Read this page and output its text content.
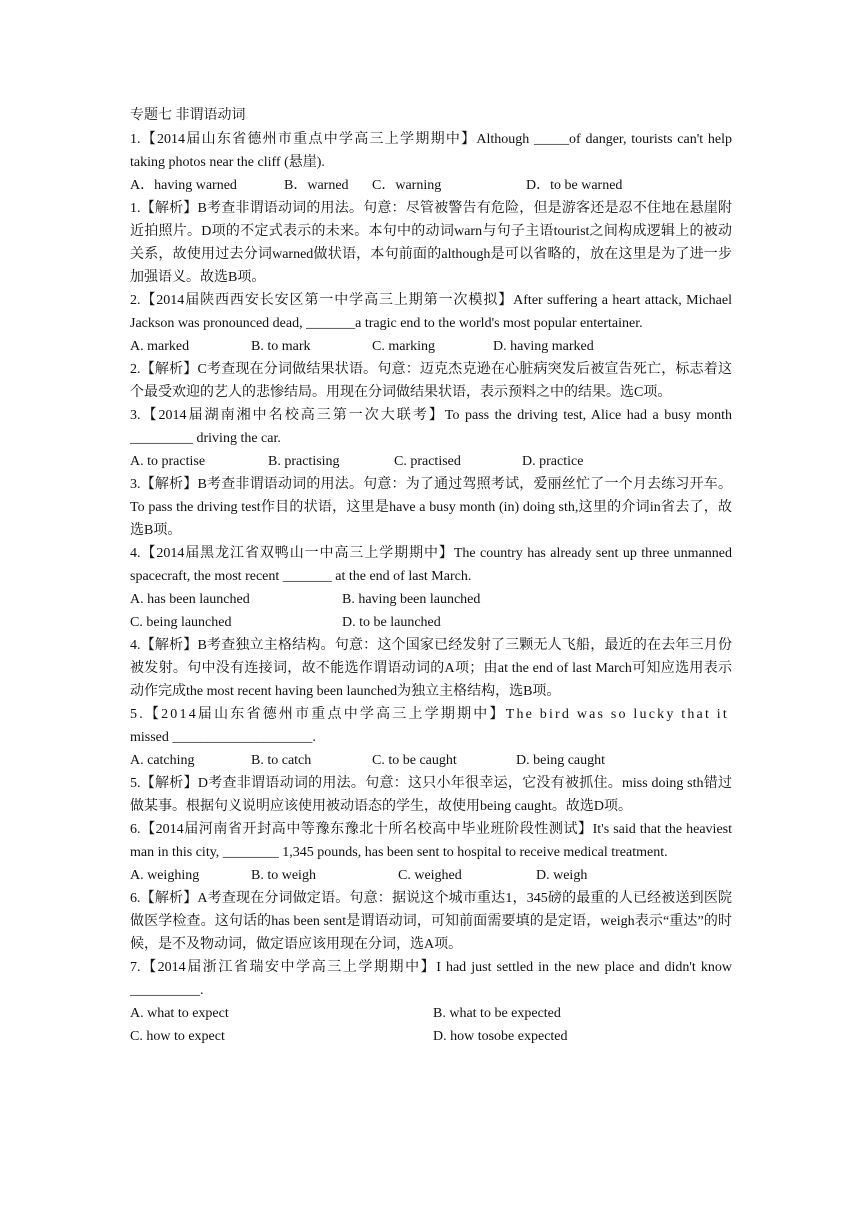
专题七 非谓语动词
1.【2014届山东省德州市重点中学高三上学期期中】Although _____of danger, tourists can't help taking photos near the cliff (悬崖).
A．having warned	B．warned	C．warning	D．to be warned
1.【解析】B考查非谓语动词的用法。句意：尽管被警告有危险，但是游客还是忍不住地在悬崖附近拍照片。D项的不定式表示的未来。本句中的动词warn与句子主语tourist之间构成逻辑上的被动关系，故使用过去分词warned做状语，本句前面的although是可以省略的，放在这里是为了进一步加强语义。故选B项。
2.【2014届陕西西安长安区第一中学高三上期第一次模拟】After suffering a heart attack, Michael Jackson was pronounced dead, _______a tragic end to the world's most popular entertainer.
A. marked	B. to mark	C. marking	D. having marked
2.【解析】C考查现在分词做结果状语。句意：迈克杰克逊在心脏病突发后被宣告死亡，标志着这个最受欢迎的艺人的悲惨结局。用现在分词做结果状语，表示预料之中的结果。选C项。
3.【2014届湖南湘中名校高三第一次大联考】To pass the driving test, Alice had a busy month _________ driving the car.
A. to practise	B. practising	C. practised	D. practice
3.【解析】B考查非谓语动词的用法。句意：为了通过驾照考试，爱丽丝忙了一个月去练习开车。To pass the driving test作目的状语，这里是have a busy month (in) doing sth,这里的介词in省去了，故选B项。
4.【2014届黑龙江省双鸭山一中高三上学期期中】The country has already sent up three unmanned spacecraft, the most recent _______ at the end of last March.
A. has been launched	B. having been launched
C. being launched	D. to be launched
4.【解析】B考查独立主格结构。句意：这个国家已经发射了三颗无人飞船，最近的在去年三月份被发射。句中没有连接词，故不能选作谓语动词的A项；由at the end of last March可知应选用表示动作完成the most recent having been launched为独立主格结构，选B项。
5.【2014届山东省德州市重点中学高三上学期期中】The bird was so lucky that it
missed ____________________.
A. catching	B. to catch	C. to be caught	D. being caught
5.【解析】D考查非谓语动词的用法。句意：这只小年很幸运，它没有被抓住。miss doing sth错过做某事。根据句义说明应该使用被动语态的学生，故使用being caught。故选D项。
6.【2014届河南省开封高中等豫东豫北十所名校高中毕业班阶段性测试】It's said that the heaviest man in this city, ________ 1,345 pounds, has been sent to hospital to receive medical treatment.
A. weighing	B. to weigh	C. weighed	D. weigh
6.【解析】A考查现在分词做定语。句意：据说这个城市重达1，345磅的最重的人已经被送到医院做医学检查。这句话的has been sent是谓语动词，可知前面需要填的是定语，weigh表示“重达”的时候，是不及物动词，做定语应该用现在分词，选A项。
7.【2014届浙江省瑞安中学高三上学期期中】I had just settled in the new place and didn't know __________.
A. what to expect	B. what to be expected
C. how to expect	D. how tosobe expected
